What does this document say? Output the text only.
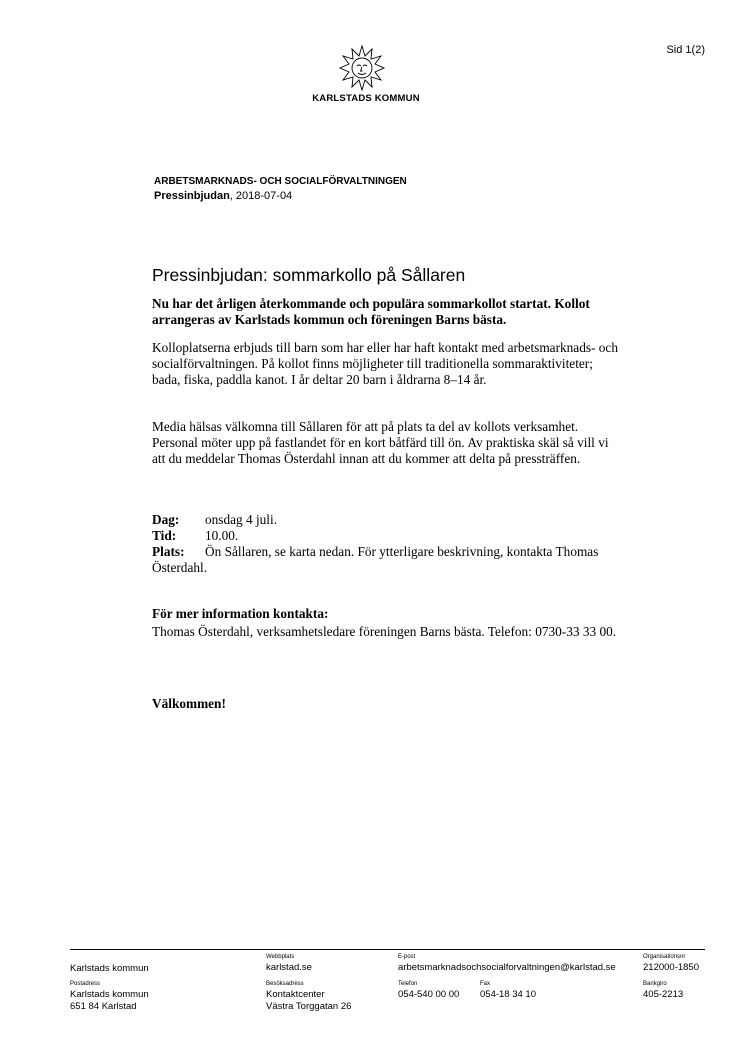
Sid 1(2)
KARLSTADS KOMMUN
ARBETSMARKNADS- OCH SOCIALFÖRVALTNINGEN
Pressinbjudan, 2018-07-04
Pressinbjudan: sommarkollo på Sållaren

Nu har det årligen återkommande och populära sommarkollot startat. Kollot arrangeras av Karlstads kommun och föreningen Barns bästa.

Kolloplatserna erbjuds till barn som har eller har haft kontakt med arbetsmarknads- och socialförvaltningen. På kollot finns möjligheter till traditionella sommaraktiviteter; bada, fiska, paddla kanot. I år deltar 20 barn i åldrarna 8–14 år.

Media hälsas välkomna till Sållaren för att på plats ta del av kollots verksamhet. Personal möter upp på fastlandet för en kort båtfärd till ön. Av praktiska skäl så vill vi att du meddelar Thomas Österdahl innan att du kommer att delta på pressträffen.

Dag: onsdag 4 juli.
Tid: 10.00.
Plats: Ön Sållaren, se karta nedan. För ytterligare beskrivning, kontakta Thomas Österdahl.
För mer information kontakta:
Thomas Österdahl, verksamhetsledare föreningen Barns bästa. Telefon: 0730-33 33 00.
Välkommen!
Karlstads kommun
Webbplats
karlstad.se
E-post
arbetsmarknadsochsocialforvaltningen@karlstad.se
Organisationsnr
212000-1850
Postadress
Karlstads kommun
651 84 Karlstad
Besöksadress
Kontaktcenter
Västra Torggatan 26
Telefon
054-540 00 00
Fax
054-18 34 10
Bankgiro
405-2213
